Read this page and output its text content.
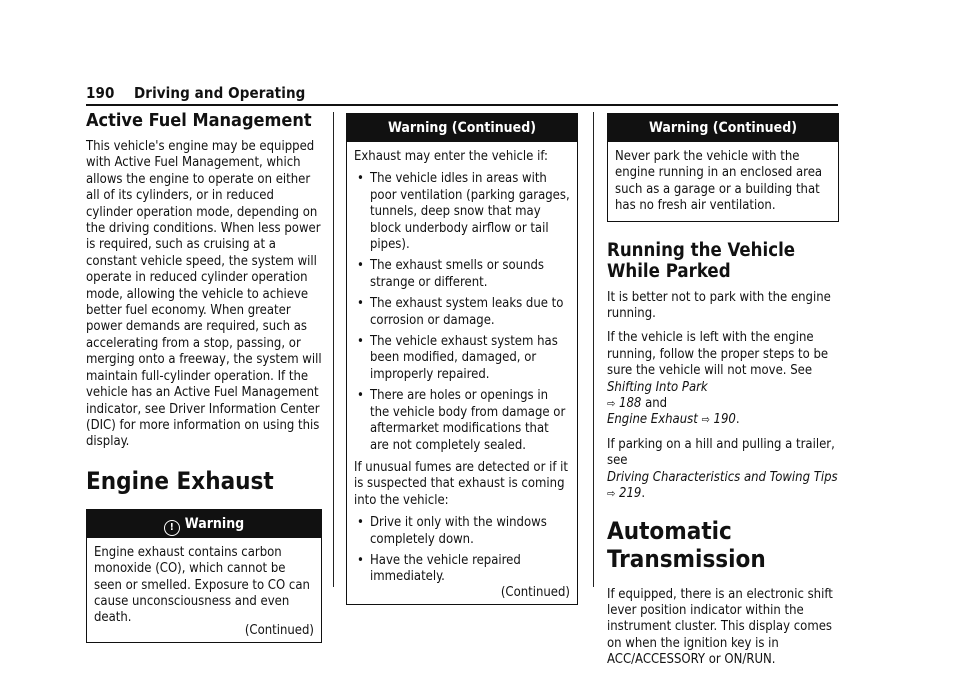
190 Driving and Operating
Active Fuel Management

This vehicle's engine may be equipped with Active Fuel Management, which allows the engine to operate on either all of its cylinders, or in reduced cylinder operation mode, depending on the driving conditions. When less power is required, such as cruising at a constant vehicle speed, the system will operate in reduced cylinder operation mode, allowing the vehicle to achieve better fuel economy. When greater power demands are required, such as accelerating from a stop, passing, or merging onto a freeway, the system will maintain full-cylinder operation. If the vehicle has an Active Fuel Management indicator, see Driver Information Center (DIC) for more information on using this display.

Engine Exhaust
! Warning

Engine exhaust contains carbon monoxide (CO), which cannot be seen or smelled. Exposure to CO can cause unconsciousness and even death.

(Continued)
Warning (Continued)

Exhaust may enter the vehicle if:

• The vehicle idles in areas with poor ventilation (parking garages, tunnels, deep snow that may block underbody airflow or tail pipes).
• The exhaust smells or sounds strange or different.
• The exhaust system leaks due to corrosion or damage.
• The vehicle exhaust system has been modified, damaged, or improperly repaired.
• There are holes or openings in the vehicle body from damage or aftermarket modifications that are not completely sealed.

If unusual fumes are detected or if it is suspected that exhaust is coming into the vehicle:

• Drive it only with the windows completely down.
• Have the vehicle repaired immediately.
(Continued)
Warning (Continued)

Never park the vehicle with the engine running in an enclosed area such as a garage or a building that has no fresh air ventilation.

Running the Vehicle While Parked

It is better not to park with the engine running.

If the vehicle is left with the engine running, follow the proper steps to be sure the vehicle will not move. See Shifting Into Park
⇨ 188 and
Engine Exhaust ⇨ 190.

If parking on a hill and pulling a trailer, see
Driving Characteristics and Towing Tips
⇨ 219.

Automatic Transmission

If equipped, there is an electronic shift lever position indicator within the instrument cluster. This display comes on when the ignition key is in ACC/ACCESSORY or ON/RUN.
